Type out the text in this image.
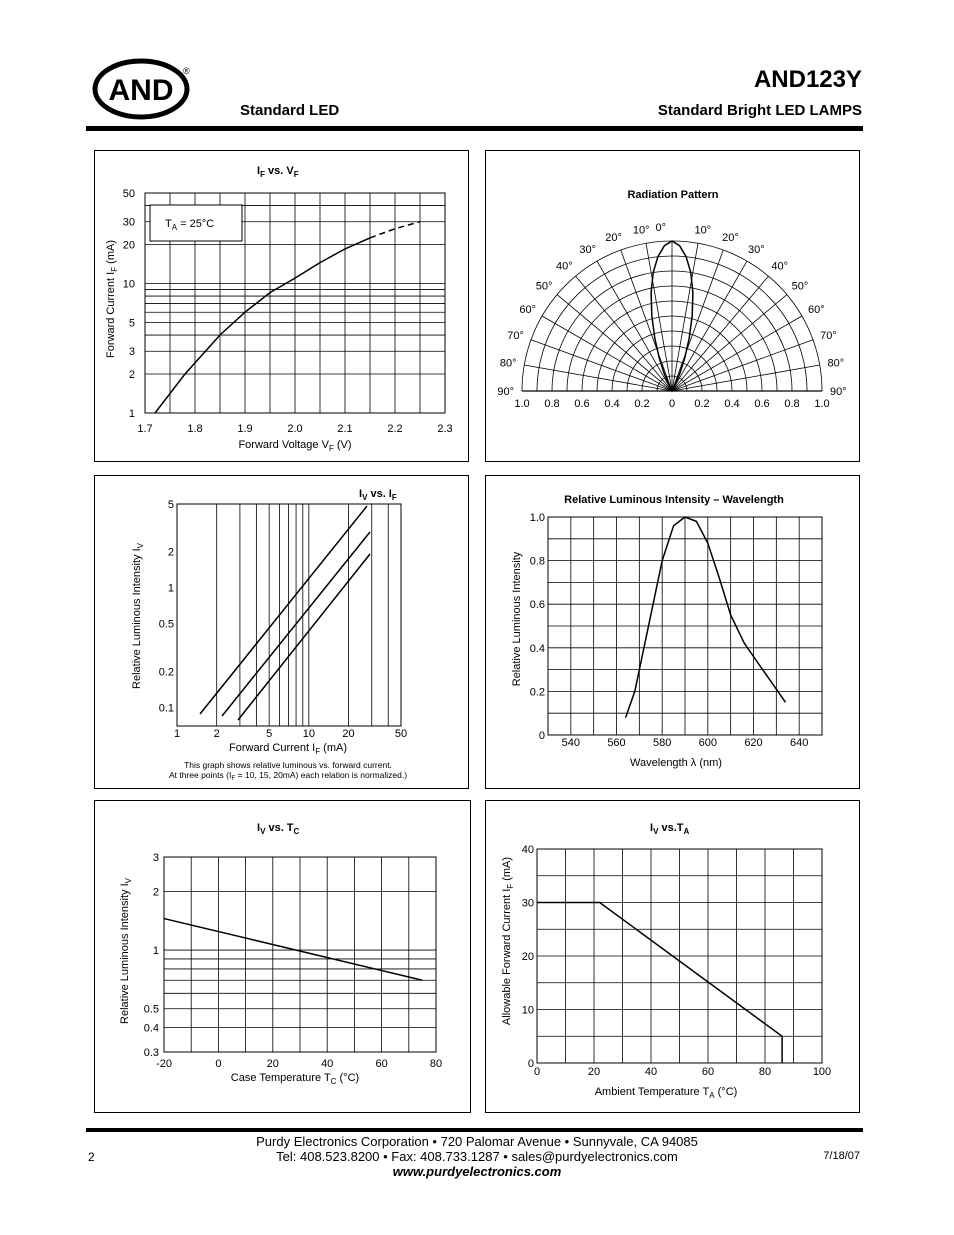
AND
®	AND123Y
Standard LED	Standard Bright LED LAMPS
$T_A = 25^\circ C$
$I_F$ vs. $V_F$
1.7	1.8	1.9	2.0	2.1	2.2	2.3
1
2
3
5
10
20
30
50
Forward Voltage $V_F$ (V)
Forward Current $I_F$ (mA)
Radiation Pattern
90°
80°
70°
60°
50°
40°
30°
20°
10° 0°	10°
20°
30°
40°
50°
60°
70°
80°
90°
1.0 0.8 0.6 0.4 0.2 0 0.2 0.4 0.6 0.8 1.0
$I_V$ vs. $I_F$
1	2	5	10 20	50
0.1
0.2
0.5
1
2
5
Forward Current $I_F$ (mA)
Relative Luminous Intensity $I_V$
This graph shows relative luminous vs. forward current.
At three points ($I_F = 10$, 15, 20mA) each relation is normalized.)
Relative Luminous Intensity – Wavelength
540 560 580 600 620 640
0
0.2
0.4
0.6
0.8
1.0
Wavelength λ (nm)
Relative Luminous Intensity
$I_V$ vs. $T_C$
-20	0	20	40	60	80
0.3
0.4
0.5
1
2
3
Case Temperature $T_C$ (°C)
Relative Luminous Intensity $I_V$
$I_V$ $vs.T_A$
0	20	40	60	80	100
0
10
20
30
40
Ambient Temperature $T_A$ (°C)
Allowable Forward Current $I_F$ (mA)
Purdy Electronics Corporation • 720 Palomar Avenue • Sunnyvale, CA 94085
Tel: 408.523.8200 • Fax: 408.733.1287 • sales@purdyelectronics.com
www.purdyelectronics.com
2	7/18/07
